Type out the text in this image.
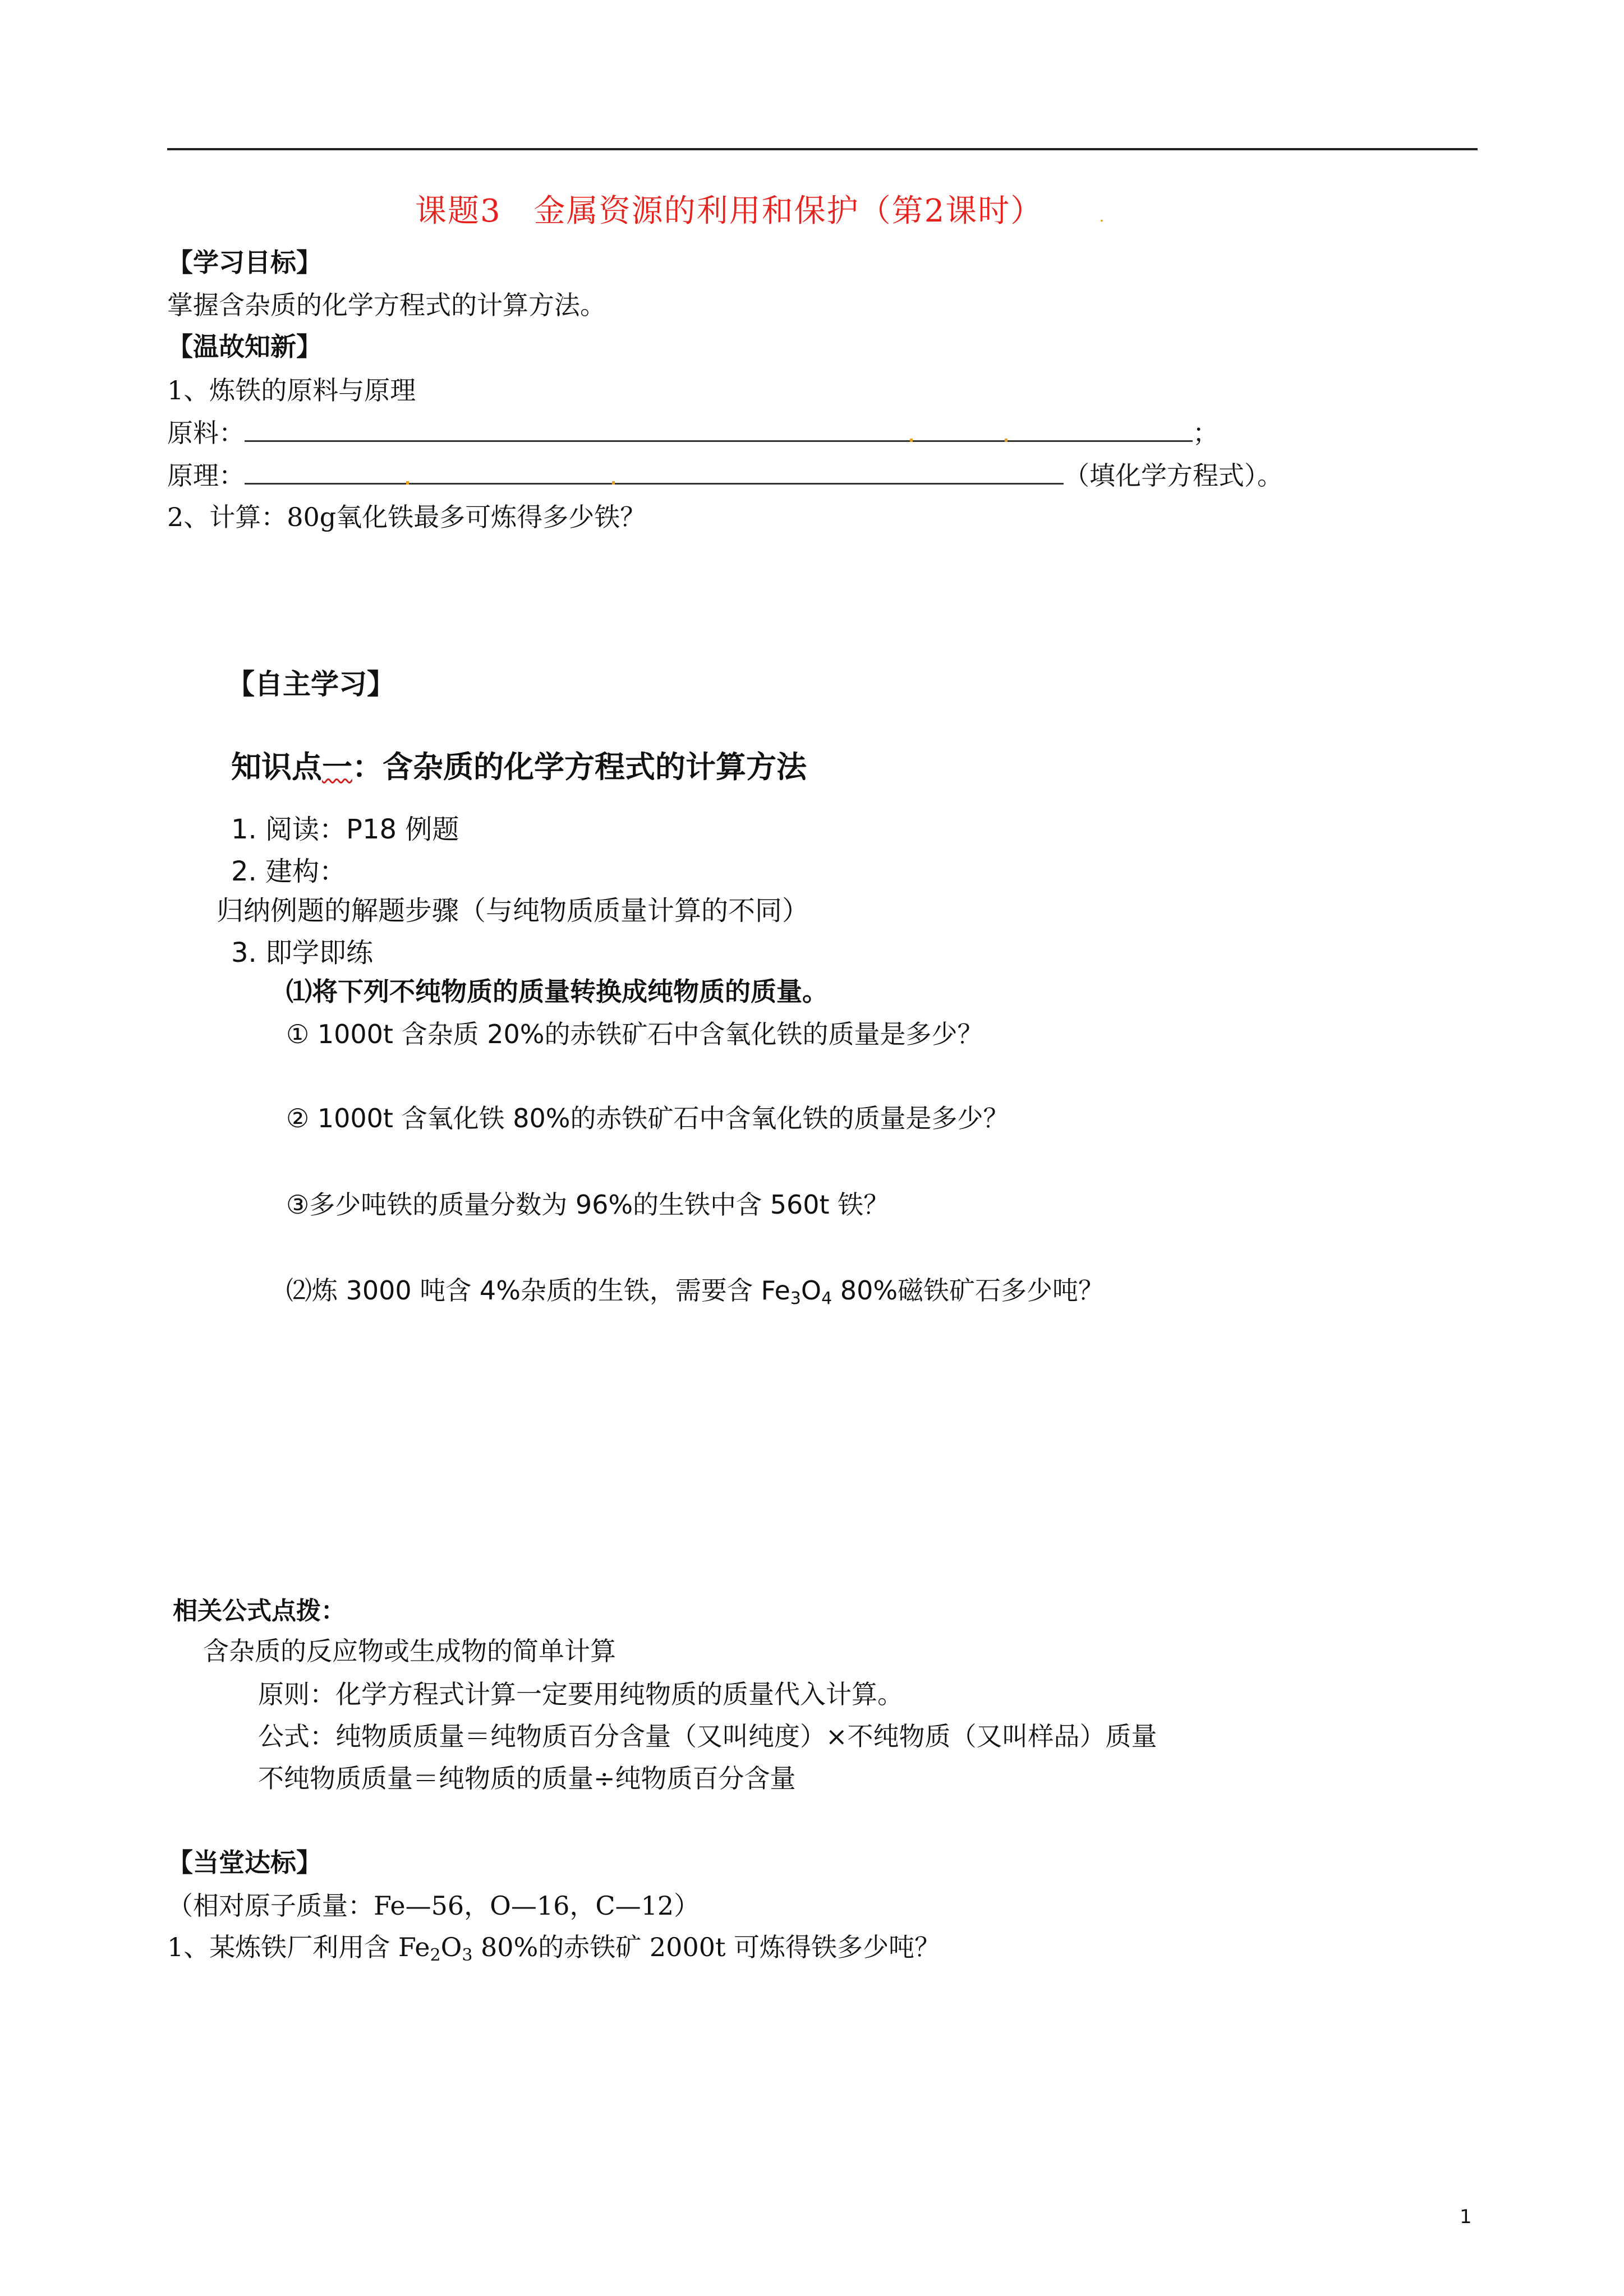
课题3　金属资源的利用和保护（第2课时）	.
【学习目标】
掌握含杂质的化学方程式的计算方法。
【温故知新】
1、炼铁的原料与原理
原料：	；
原理：	（填化学方程式）。
2、计算：80g氧化铁最多可炼得多少铁？
【自主学习】
知识点一：含杂质的化学方程式的计算方法
1. 阅读：P18 例题
2. 建构：
归纳例题的解题步骤（与纯物质质量计算的不同）
3. 即学即练
⑴将下列不纯物质的质量转换成纯物质的质量。
① 1000t 含杂质 20%的赤铁矿石中含氧化铁的质量是多少？
② 1000t 含氧化铁 80%的赤铁矿石中含氧化铁的质量是多少？
③多少吨铁的质量分数为 96%的生铁中含 560t 铁？
⑵炼 3000 吨含 4%杂质的生铁，需要含 $Fe_3O_4$ 80%磁铁矿石多少吨？
相关公式点拨：
含杂质的反应物或生成物的简单计算
原则：化学方程式计算一定要用纯物质的质量代入计算。
公式：纯物质质量＝纯物质百分含量（又叫纯度）×不纯物质（又叫样品）质量
不纯物质质量＝纯物质的质量÷纯物质百分含量
【当堂达标】
（相对原子质量：Fe—56，O—16，C—12）
1、某炼铁厂利用含 $Fe_2O_3$ 80%的赤铁矿 2000t 可炼得铁多少吨？
1
